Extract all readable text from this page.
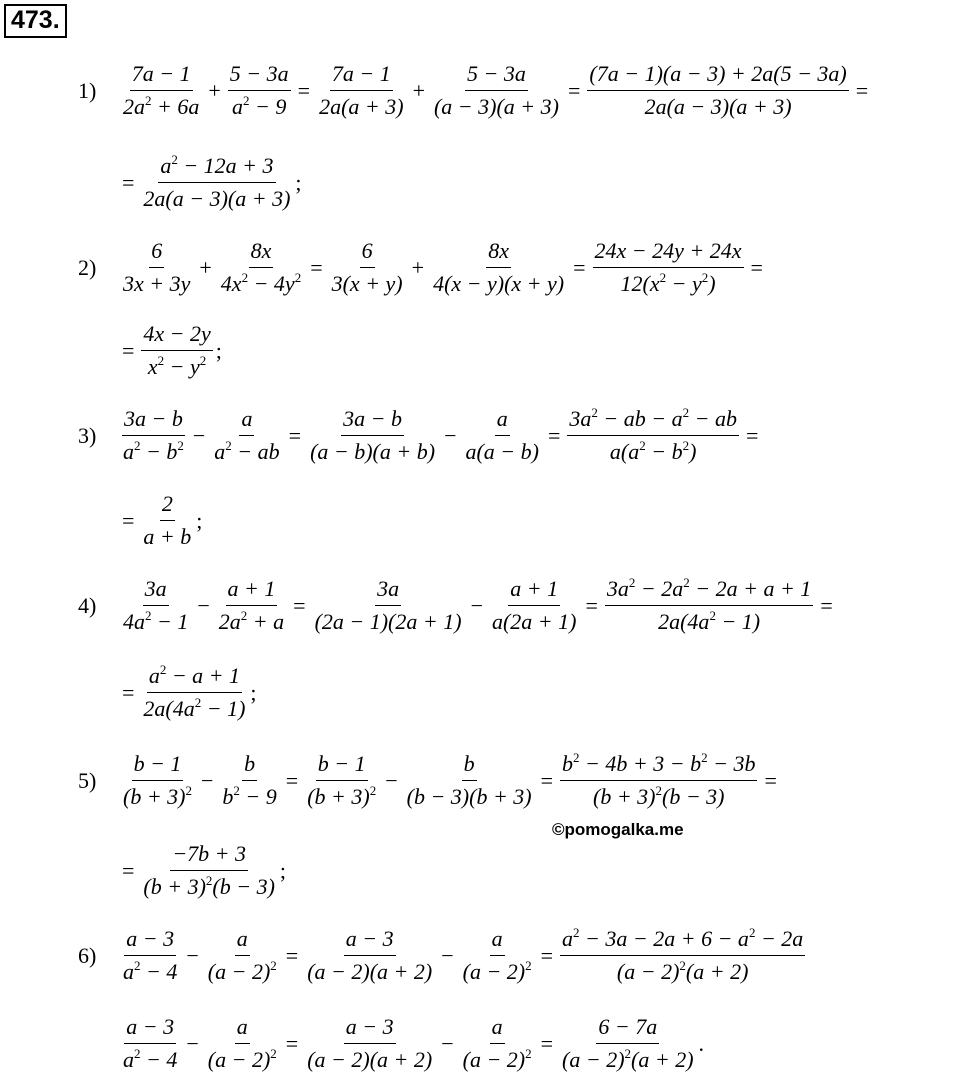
473.
1)	$\frac{7a - 1}{2a^2 + 6a} + \frac{5 - 3a}{a^2 - 9} = \frac{7a - 1}{2a(a + 3)} + \frac{5 - 3a}{(a - 3)(a + 3)} = \frac{(7a - 1)(a - 3) + 2a(5 - 3a)}{2a(a - 3)(a + 3)}$ =
= $\frac{a^2 - 12a + 3}{2a(a - 3)(a + 3)}$ ;
2)	$\frac{6}{3x + 3y} + \frac{8x}{4x^2 - 4y^2} = \frac{6}{3(x + y)} + \frac{8x}{4(x - y)(x + y)} = \frac{24x - 24y + 24x}{12(x^2 - y^2)}$ =
= $\frac{4x - 2y}{x^2 - y^2}$ ;
3)	$\frac{3a - b}{a^2 - b^2} - \frac{a}{a^2 - ab} = \frac{3a - b}{(a - b)(a + b)} - \frac{a}{a(a - b)} = \frac{3a^2 - ab - a^2 - ab}{a(a^2 - b^2)}$ =
= $\frac{2}{a + b}$ ;
4)	$\frac{3a}{4a^2 - 1} - \frac{a + 1}{2a^2 + a} = \frac{3a}{(2a - 1)(2a + 1)} - \frac{a + 1}{a(2a + 1)} = \frac{3a^2 - 2a^2 - 2a + a + 1}{2a(4a^2 - 1)}$ =
= $\frac{a^2 - a + 1}{2a(4a^2 - 1)}$ ;
5)	$\frac{b - 1}{(b + 3)^2} - \frac{b}{b^2 - 9} = \frac{b - 1}{(b + 3)^2} - \frac{b}{(b - 3)(b + 3)} = \frac{b^2 - 4b + 3 - b^2 - 3b}{(b + 3)^2(b - 3)}$ =
= $\frac{-7b + 3}{(b + 3)^2(b - 3)}$ ;
6)	$\frac{a - 3}{a^2 - 4} - \frac{a}{(a - 2)^2} = \frac{a - 3}{(a - 2)(a + 2)} - \frac{a}{(a - 2)^2} = \frac{a^2 - 3a - 2a + 6 - a^2 - 2a}{(a - 2)^2(a + 2)}$
$\frac{a - 3}{a^2 - 4} - \frac{a}{(a - 2)^2} = \frac{a - 3}{(a - 2)(a + 2)} - \frac{a}{(a - 2)^2} = \frac{6 - 7a}{(a - 2)^2(a + 2)}$ .
©pomogalka.me
